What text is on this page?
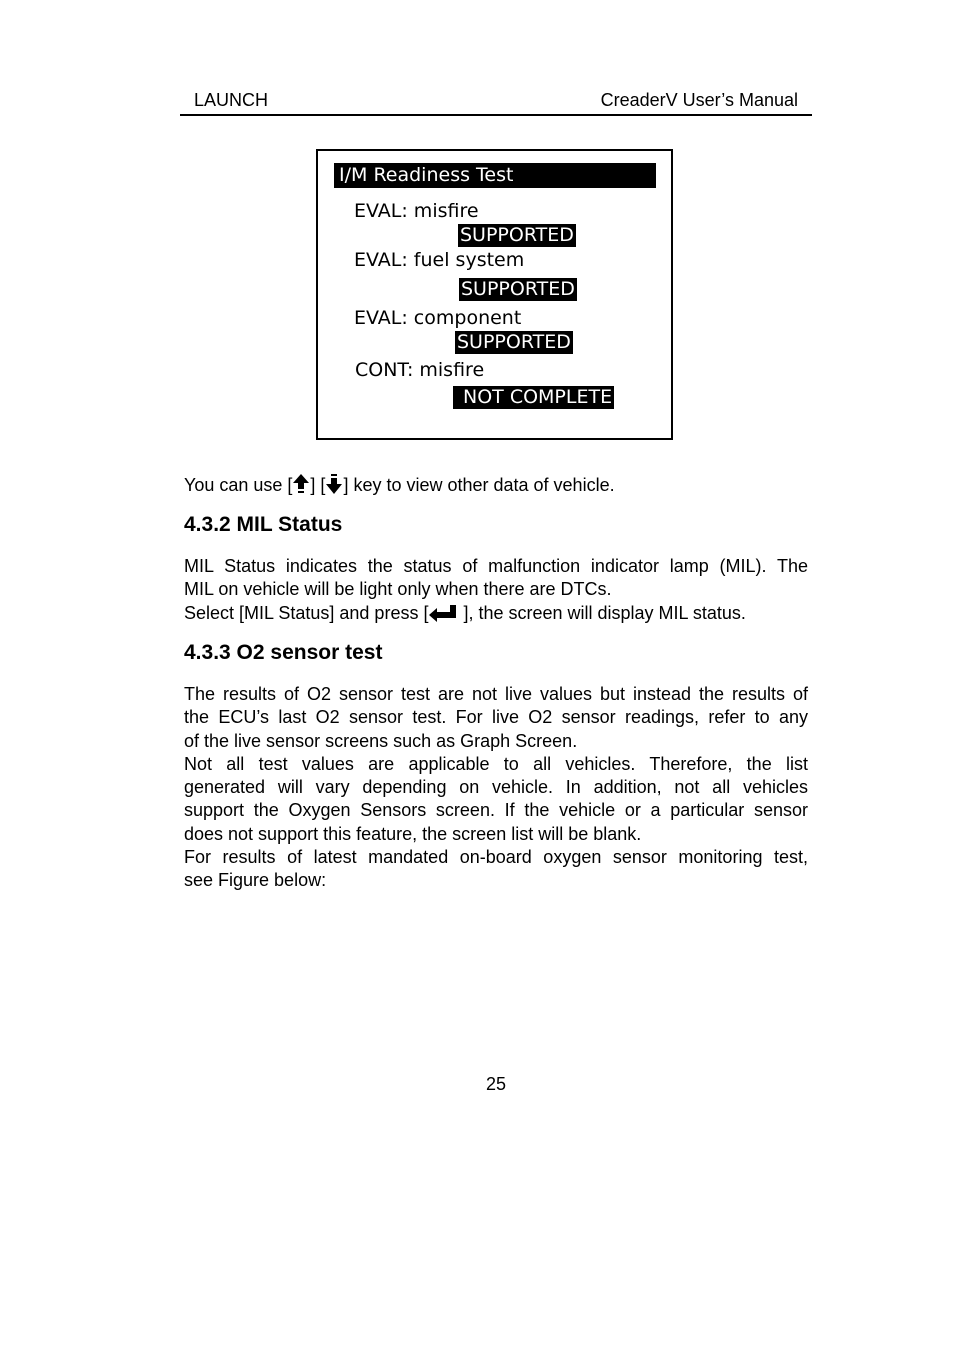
LAUNCH	CreaderV User’s Manual
I/M Readiness Test
EVAL: misfire
SUPPORTED
EVAL: fuel system
SUPPORTED
EVAL: component
SUPPORTED
CONT: misfire
NOT COMPLETE
You can use [ ] [ ] key to view other data of vehicle.
4.3.2 MIL Status
MIL Status indicates the status of malfunction indicator lamp (MIL). The
MIL on vehicle will be light only when there are DTCs.
Select [MIL Status] and press [ ], the screen will display MIL status.
4.3.3 O2 sensor test
The results of O2 sensor test are not live values but instead the results of
the ECU’s last O2 sensor test. For live O2 sensor readings, refer to any
of the live sensor screens such as Graph Screen.
Not all test values are applicable to all vehicles. Therefore, the list
generated will vary depending on vehicle. In addition, not all vehicles
support the Oxygen Sensors screen. If the vehicle or a particular sensor
does not support this feature, the screen list will be blank.
For results of latest mandated on-board oxygen sensor monitoring test,
see Figure below:
25
